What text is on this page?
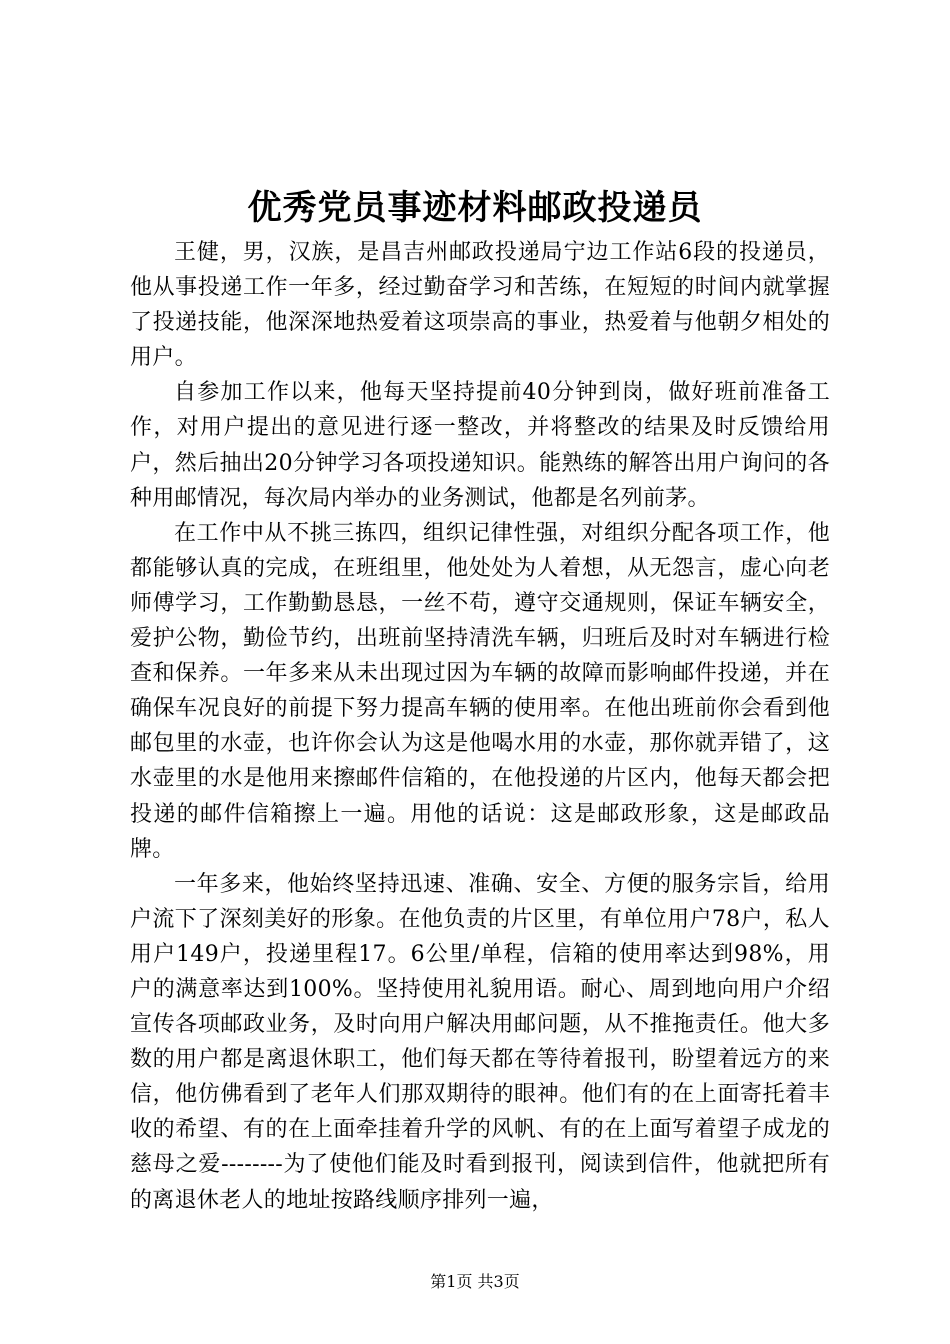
优秀党员事迹材料邮政投递员

王健，男，汉族，是昌吉州邮政投递局宁边工作站6段的投递员，他从事投递工作一年多，经过勤奋学习和苦练，在短短的时间内就掌握了投递技能，他深深地热爱着这项崇高的事业，热爱着与他朝夕相处的用户。

自参加工作以来，他每天坚持提前40分钟到岗，做好班前准备工作，对用户提出的意见进行逐一整改，并将整改的结果及时反馈给用户，然后抽出20分钟学习各项投递知识。能熟练的解答出用户询问的各种用邮情况，每次局内举办的业务测试，他都是名列前茅。

在工作中从不挑三拣四，组织记律性强，对组织分配各项工作，他都能够认真的完成，在班组里，他处处为人着想，从无怨言，虚心向老师傅学习，工作勤勤恳恳，一丝不苟，遵守交通规则，保证车辆安全，爱护公物，勤俭节约，出班前坚持清洗车辆，归班后及时对车辆进行检查和保养。一年多来从未出现过因为车辆的故障而影响邮件投递，并在确保车况良好的前提下努力提高车辆的使用率。在他出班前你会看到他邮包里的水壶，也许你会认为这是他喝水用的水壶，那你就弄错了，这水壶里的水是他用来擦邮件信箱的，在他投递的片区内，他每天都会把投递的邮件信箱擦上一遍。用他的话说：这是邮政形象，这是邮政品牌。

一年多来，他始终坚持迅速、准确、安全、方便的服务宗旨，给用户流下了深刻美好的形象。在他负责的片区里，有单位用户78户，私人用户149户，投递里程17。6公里/单程，信箱的使用率达到98%，用户的满意率达到100%。坚持使用礼貌用语。耐心、周到地向用户介绍宣传各项邮政业务，及时向用户解决用邮问题，从不推拖责任。他大多数的用户都是离退休职工，他们每天都在等待着报刊，盼望着远方的来信，他仿佛看到了老年人们那双期待的眼神。他们有的在上面寄托着丰收的希望、有的在上面牵挂着升学的风帆、有的在上面写着望子成龙的慈母之爱--------为了使他们能及时看到报刊，阅读到信件，他就把所有的离退休老人的地址按路线顺序排列一遍，

第1页 共3页
